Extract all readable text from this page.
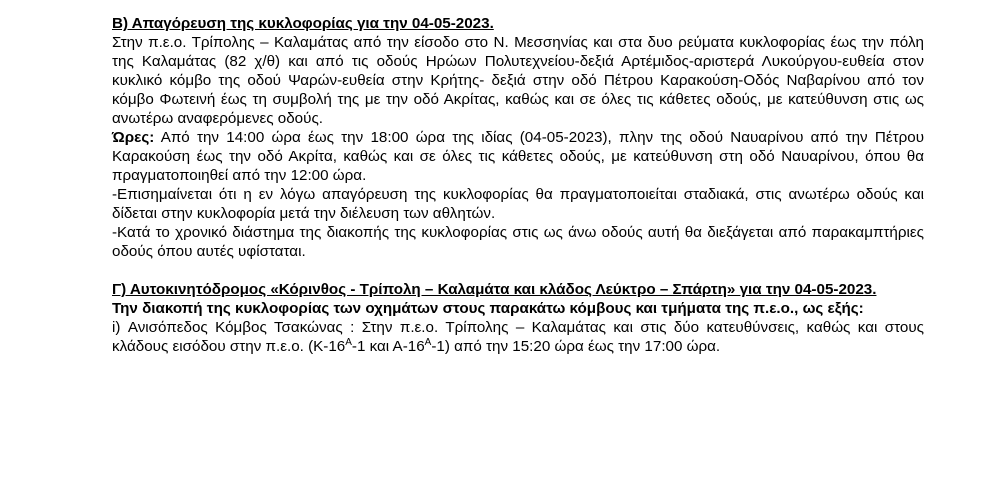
Β) Απαγόρευση της κυκλοφορίας για την 04-05-2023.

Στην π.ε.ο. Τρίπολης – Καλαμάτας από την είσοδο στο Ν. Μεσσηνίας και στα δυο ρεύματα κυκλοφορίας έως την πόλη της Καλαμάτας (82 χ/θ) και από τις οδούς Ηρώων Πολυτεχνείου-δεξιά Αρτέμιδος-αριστερά Λυκούργου-ευθεία στον κυκλικό κόμβο της οδού Ψαρών-ευθεία στην Κρήτης- δεξιά στην οδό Πέτρου Καρακούση-Οδός Ναβαρίνου από τον κόμβο Φωτεινή έως τη συμβολή της με την οδό Ακρίτας, καθώς και σε όλες τις κάθετες οδούς, με κατεύθυνση στις ως ανωτέρω αναφερόμενες οδούς.

Ώρες: Από την 14:00 ώρα έως την 18:00 ώρα της ιδίας (04-05-2023), πλην της οδού Ναυαρίνου από την Πέτρου Καρακούση έως την οδό Ακρίτα, καθώς και σε όλες τις κάθετες οδούς, με κατεύθυνση στη οδό Ναυαρίνου, όπου θα πραγματοποιηθεί από την 12:00 ώρα.

-Επισημαίνεται ότι η εν λόγω απαγόρευση της κυκλοφορίας θα πραγματοποιείται σταδιακά, στις ανωτέρω οδούς και δίδεται στην κυκλοφορία μετά την διέλευση των αθλητών.

-Κατά το χρονικό διάστημα της διακοπής της κυκλοφορίας στις ως άνω οδούς αυτή θα διεξάγεται από παρακαμπτήριες οδούς όπου αυτές υφίσταται.

Γ) Αυτοκινητόδρομος «Κόρινθος - Τρίπολη – Καλαμάτα και κλάδος Λεύκτρο – Σπάρτη» για την 04-05-2023.

Την διακοπή της κυκλοφορίας των οχημάτων στους παρακάτω κόμβους και τμήματα της π.ε.ο., ως εξής:

i) Ανισόπεδος Κόμβος Τσακώνας : Στην π.ε.ο. Τρίπολης – Καλαμάτας και στις δύο κατευθύνσεις, καθώς και στους κλάδους εισόδου στην π.ε.ο. ($K-16^A-1$ και $A-16^A-1$) από την 15:20 ώρα έως την 17:00 ώρα.
